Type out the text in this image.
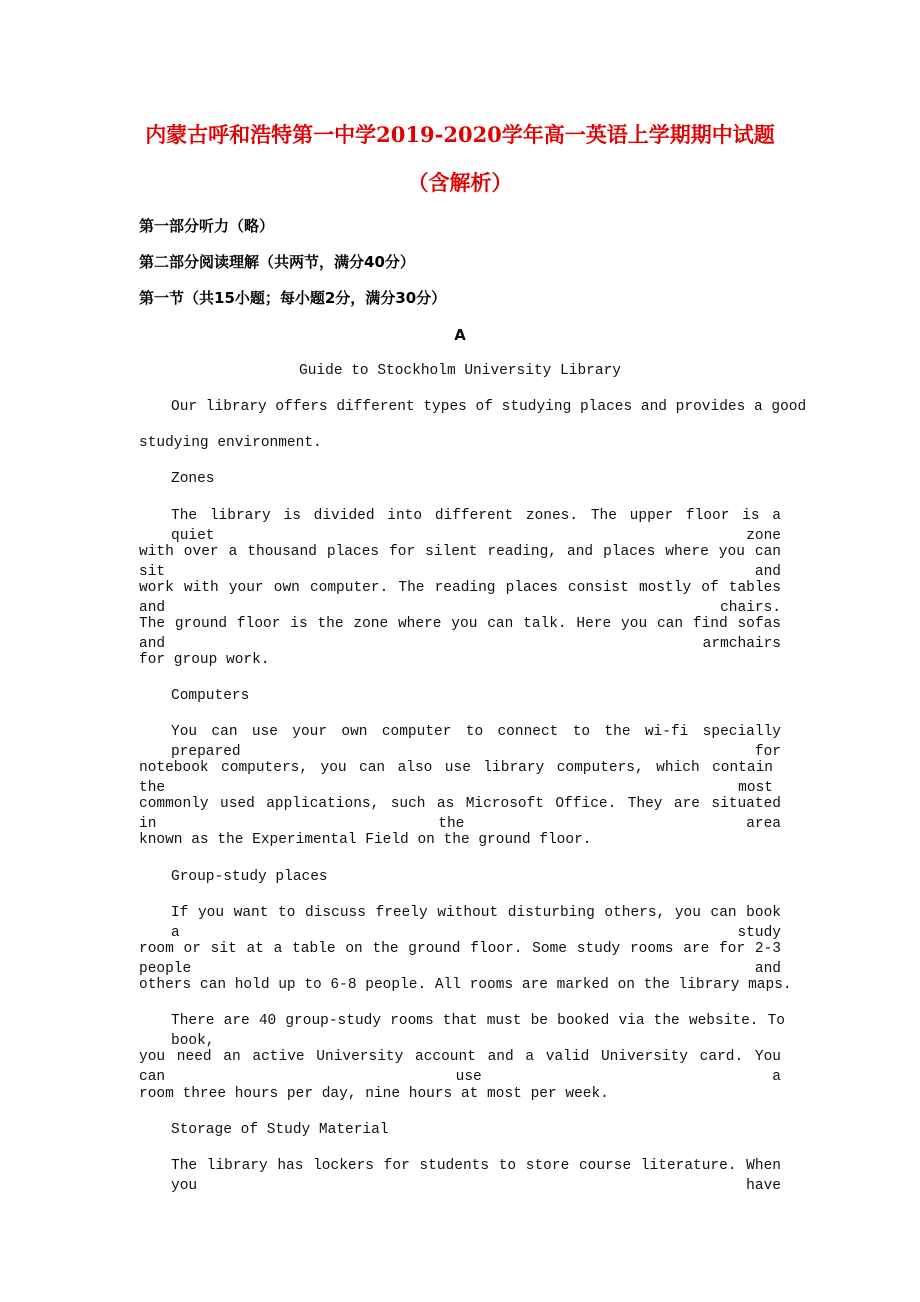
内蒙古呼和浩特第一中学2019-2020学年高一英语上学期期中试题
（含解析）
第一部分听力（略）
第二部分阅读理解（共两节，满分40分）
第一节（共15小题；每小题2分，满分30分）
A
Guide to Stockholm University Library
Our library offers different types of studying places and provides a good
studying environment.
Zones
The library is divided into different zones. The upper floor is a quiet zone
with over a thousand places for silent reading, and places where you can sit and
work with your own computer. The reading places consist mostly of tables and chairs.
The ground floor is the zone where you can talk. Here you can find sofas and armchairs
for group work.
Computers
You can use your own computer to connect to the wi-fi specially prepared for
notebook computers, you can also use library computers, which contain the most
commonly used applications, such as Microsoft Office. They are situated in the area
known as the Experimental Field on the ground floor.
Group-study places
If you want to discuss freely without disturbing others, you can book a study
room or sit at a table on the ground floor. Some study rooms are for 2-3 people and
others can hold up to 6-8 people. All rooms are marked on the library maps.
There are 40 group-study rooms that must be booked via the website. To book,
you need an active University account and a valid University card. You can use a
room three hours per day, nine hours at most per week.
Storage of Study Material
The library has lockers for students to store course literature. When you have
